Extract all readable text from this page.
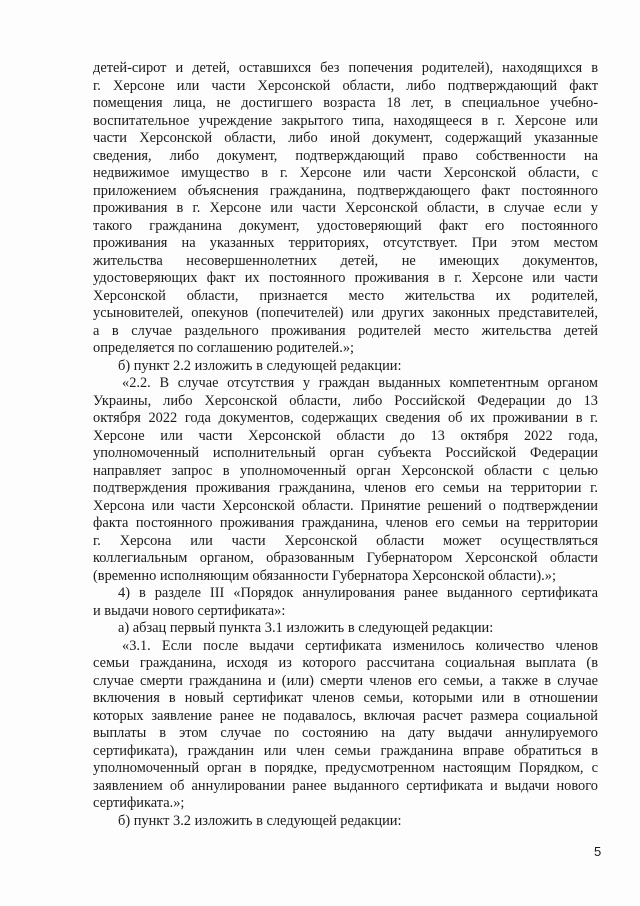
детей-сирот и детей, оставшихся без попечения родителей), находящихся в
г. Херсоне или части Херсонской области, либо подтверждающий факт
помещения лица, не достигшего возраста 18 лет, в специальное учебно-
воспитательное учреждение закрытого типа, находящееся в г. Херсоне или
части Херсонской области, либо иной документ, содержащий указанные
сведения, либо документ, подтверждающий право собственности на
недвижимое имущество в г. Херсоне или части Херсонской области, с
приложением объяснения гражданина, подтверждающего факт постоянного
проживания в г. Херсоне или части Херсонской области, в случае если у
такого гражданина документ, удостоверяющий факт его постоянного
проживания на указанных территориях, отсутствует. При этом местом
жительства несовершеннолетних детей, не имеющих документов,
удостоверяющих факт их постоянного проживания в г. Херсоне или части
Херсонской области, признается место жительства их родителей,
усыновителей, опекунов (попечителей) или других законных представителей,
а в случае раздельного проживания родителей место жительства детей
определяется по соглашению родителей.»;
б) пункт 2.2 изложить в следующей редакции:
«2.2. В случае отсутствия у граждан выданных компетентным органом
Украины, либо Херсонской области, либо Российской Федерации до 13
октября 2022 года документов, содержащих сведения об их проживании в г.
Херсоне или части Херсонской области до 13 октября 2022 года,
уполномоченный исполнительный орган субъекта Российской Федерации
направляет запрос в уполномоченный орган Херсонской области с целью
подтверждения проживания гражданина, членов его семьи на территории г.
Херсона или части Херсонской области. Принятие решений о подтверждении
факта постоянного проживания гражданина, членов его семьи на территории
г. Херсона или части Херсонской области может осуществляться
коллегиальным органом, образованным Губернатором Херсонской области
(временно исполняющим обязанности Губернатора Херсонской области).»;
4) в разделе III «Порядок аннулирования ранее выданного сертификата
и выдачи нового сертификата»:
а) абзац первый пункта 3.1 изложить в следующей редакции:
«3.1. Если после выдачи сертификата изменилось количество членов
семьи гражданина, исходя из которого рассчитана социальная выплата (в
случае смерти гражданина и (или) смерти членов его семьи, а также в случае
включения в новый сертификат членов семьи, которыми или в отношении
которых заявление ранее не подавалось, включая расчет размера социальной
выплаты в этом случае по состоянию на дату выдачи аннулируемого
сертификата), гражданин или член семьи гражданина вправе обратиться в
уполномоченный орган в порядке, предусмотренном настоящим Порядком, с
заявлением об аннулировании ранее выданного сертификата и выдачи нового
сертификата.»;
б) пункт 3.2 изложить в следующей редакции:
5
